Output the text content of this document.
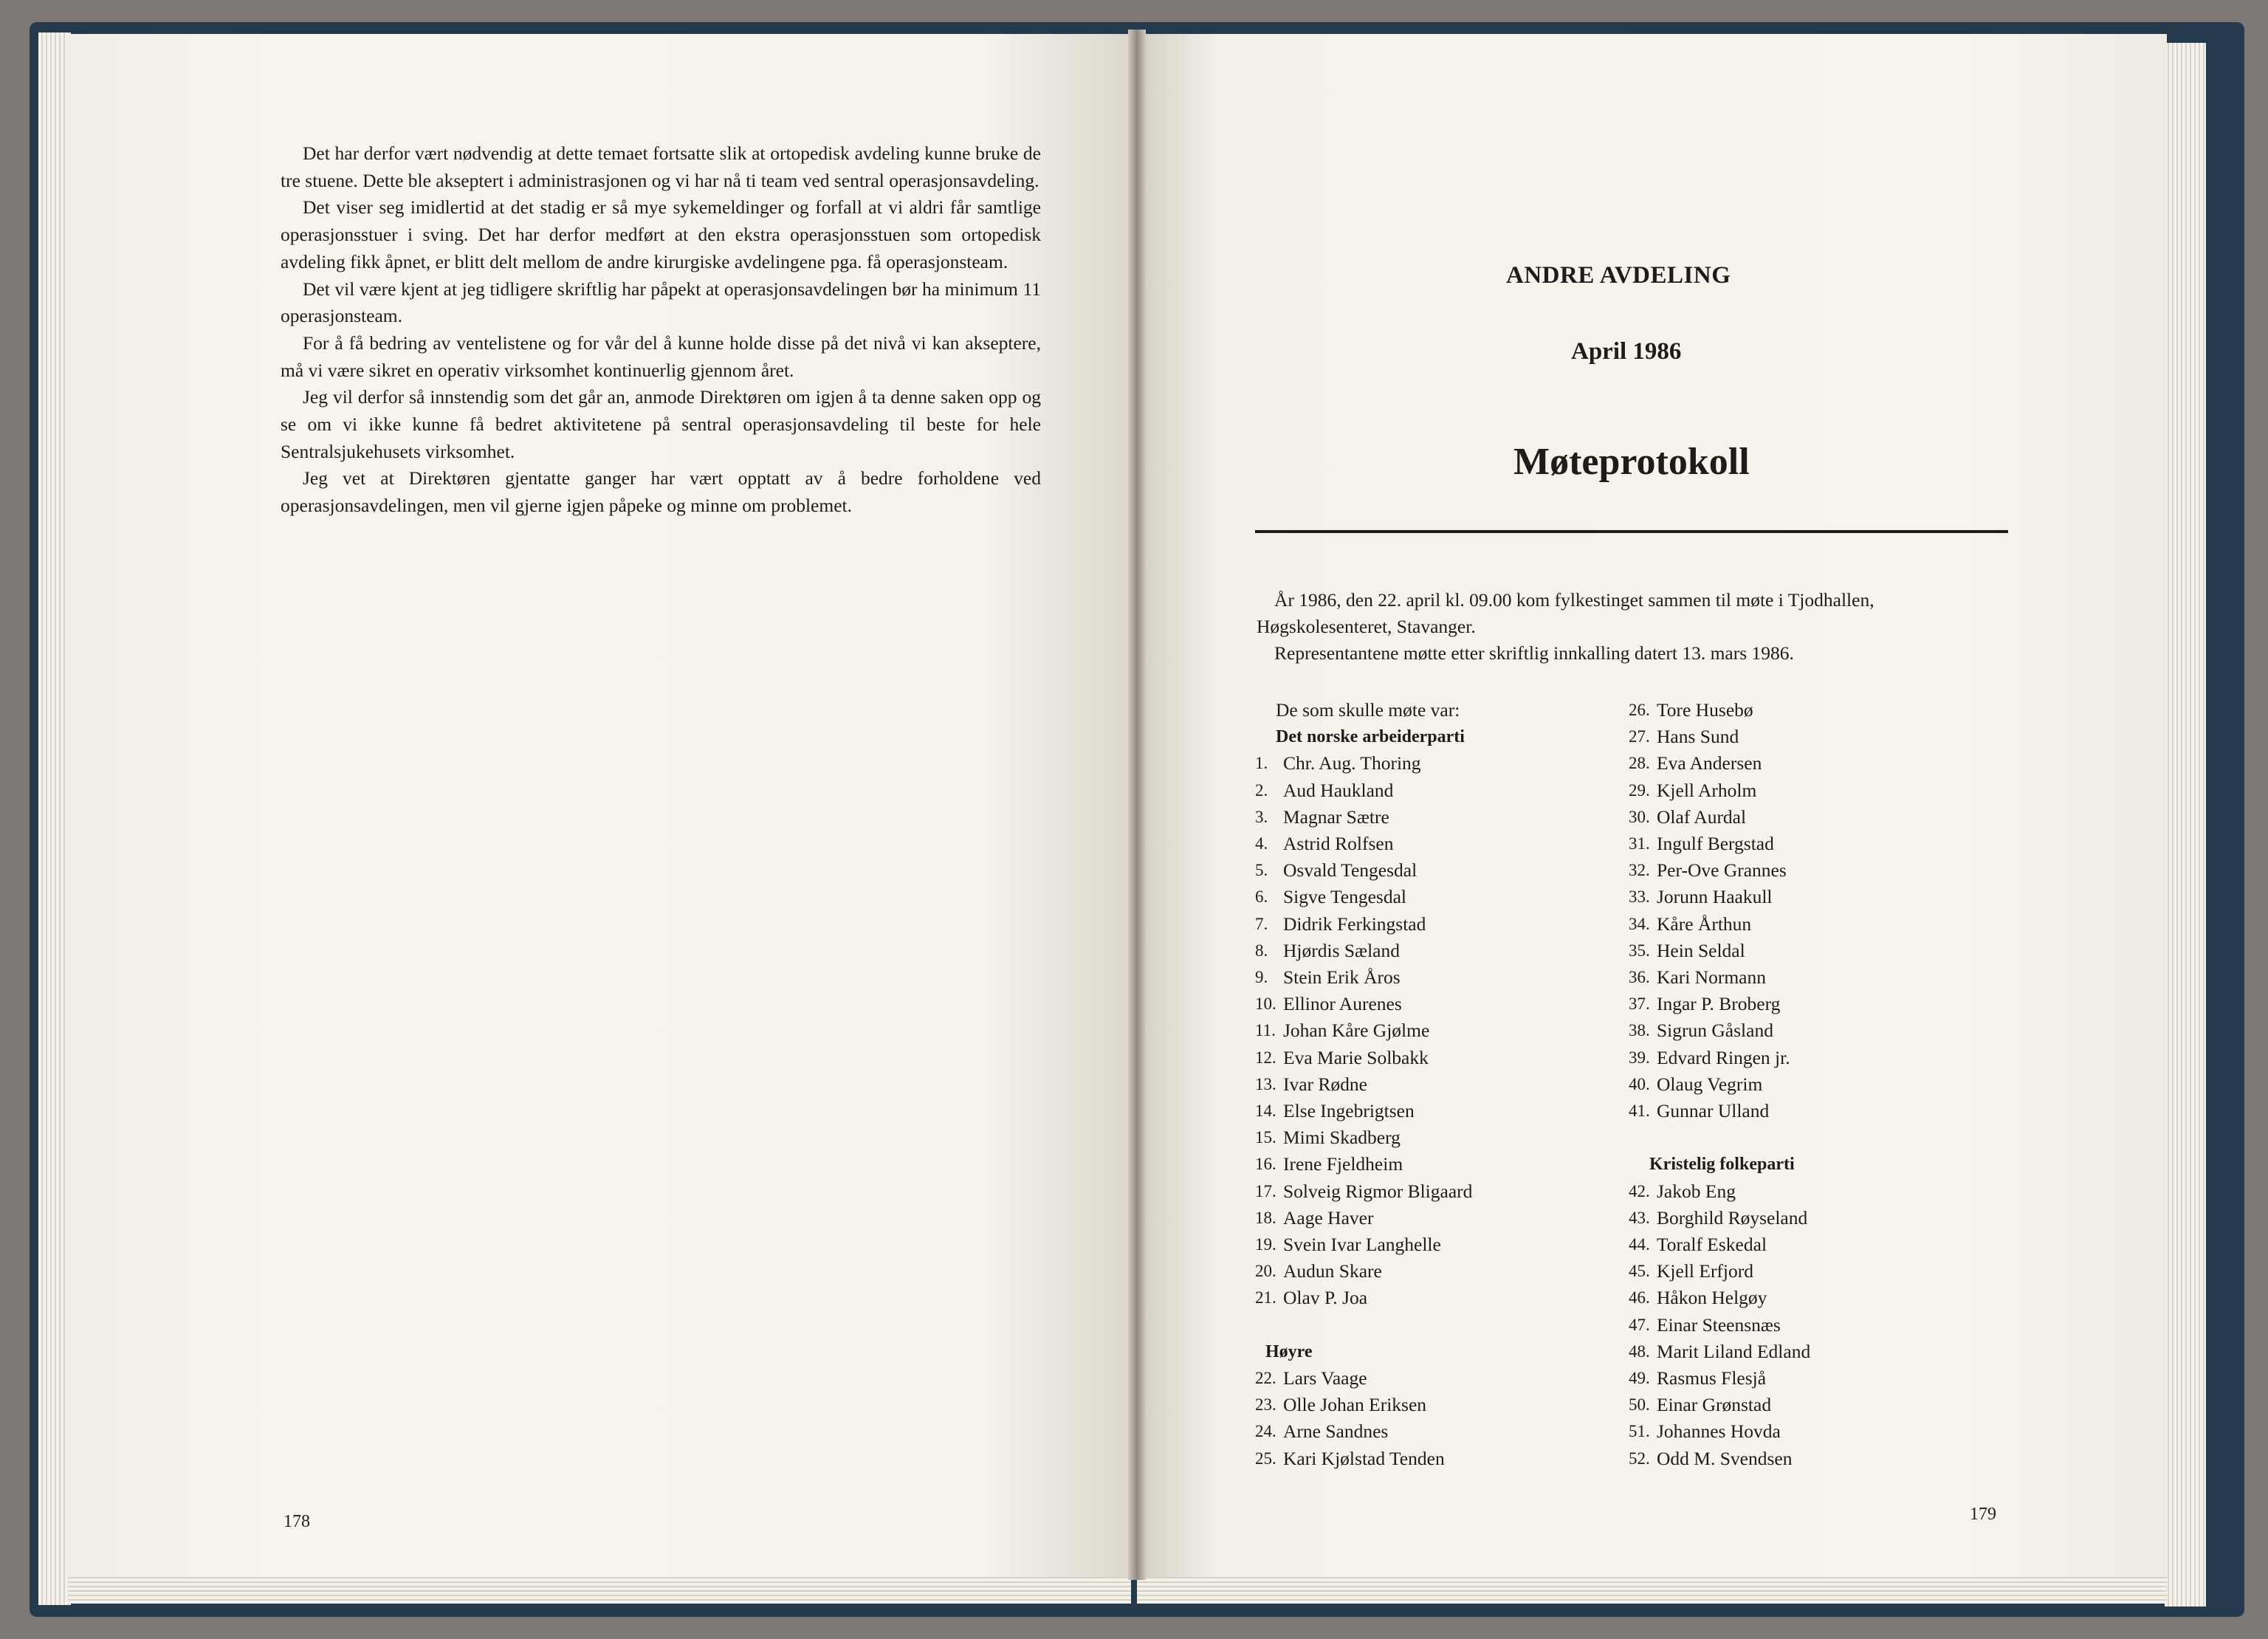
Det har derfor vært nødvendig at dette temaet fortsatte slik at ortopedisk avdeling kunne bruke de tre stuene. Dette ble akseptert i administrasjonen og vi har nå ti team ved sentral operasjonsavdeling.

Det viser seg imidlertid at det stadig er så mye sykemeldinger og forfall at vi aldri får samtlige operasjonsstuer i sving. Det har derfor medført at den ekstra operasjonsstuen som ortopedisk avdeling fikk åpnet, er blitt delt mellom de andre kirurgiske avdelingene pga. få operasjonsteam.

Det vil være kjent at jeg tidligere skriftlig har påpekt at operasjonsavdelingen bør ha minimum 11 operasjonsteam.

For å få bedring av ventelistene og for vår del å kunne holde disse på det nivå vi kan akseptere, må vi være sikret en operativ virksomhet kontinuerlig gjennom året.

Jeg vil derfor så innstendig som det går an, anmode Direktøren om igjen å ta denne saken opp og se om vi ikke kunne få bedret aktivitetene på sentral operasjonsavdeling til beste for hele Sentralsjukehusets virksomhet.

Jeg vet at Direktøren gjentatte ganger har vært opptatt av å bedre forholdene ved operasjonsavdelingen, men vil gjerne igjen påpeke og minne om problemet.

178
ANDRE AVDELING
April 1986
Møteprotokoll

År 1986, den 22. april kl. 09.00 kom fylkestinget sammen til møte i Tjodhallen, Høgskolesenteret, Stavanger.

Representantene møtte etter skriftlig innkalling datert 13. mars 1986.

De som skulle møte var:
Det norske arbeiderparti
1. Chr. Aug. Thoring
2. Aud Haukland
3. Magnar Sætre
4. Astrid Rolfsen
5. Osvald Tengesdal
6. Sigve Tengesdal
7. Didrik Ferkingstad
8. Hjørdis Sæland
9. Stein Erik Åros
10. Ellinor Aurenes
11. Johan Kåre Gjølme
12. Eva Marie Solbakk
13. Ivar Rødne
14. Else Ingebrigtsen
15. Mimi Skadberg
16. Irene Fjeldheim
17. Solveig Rigmor Bligaard
18. Aage Haver
19. Svein Ivar Langhelle
20. Audun Skare
21. Olav P. Joa
Høyre
22. Lars Vaage
23. Olle Johan Eriksen
24. Arne Sandnes
25. Kari Kjølstad Tenden
26. Tore Husebø
27. Hans Sund
28. Eva Andersen
29. Kjell Arholm
30. Olaf Aurdal
31. Ingulf Bergstad
32. Per-Ove Grannes
33. Jorunn Haakull
34. Kåre Årthun
35. Hein Seldal
36. Kari Normann
37. Ingar P. Broberg
38. Sigrun Gåsland
39. Edvard Ringen jr.
40. Olaug Vegrim
41. Gunnar Ulland
Kristelig folkeparti
42. Jakob Eng
43. Borghild Røyseland
44. Toralf Eskedal
45. Kjell Erfjord
46. Håkon Helgøy
47. Einar Steensnæs
48. Marit Liland Edland
49. Rasmus Flesjå
50. Einar Grønstad
51. Johannes Hovda
52. Odd M. Svendsen
179
